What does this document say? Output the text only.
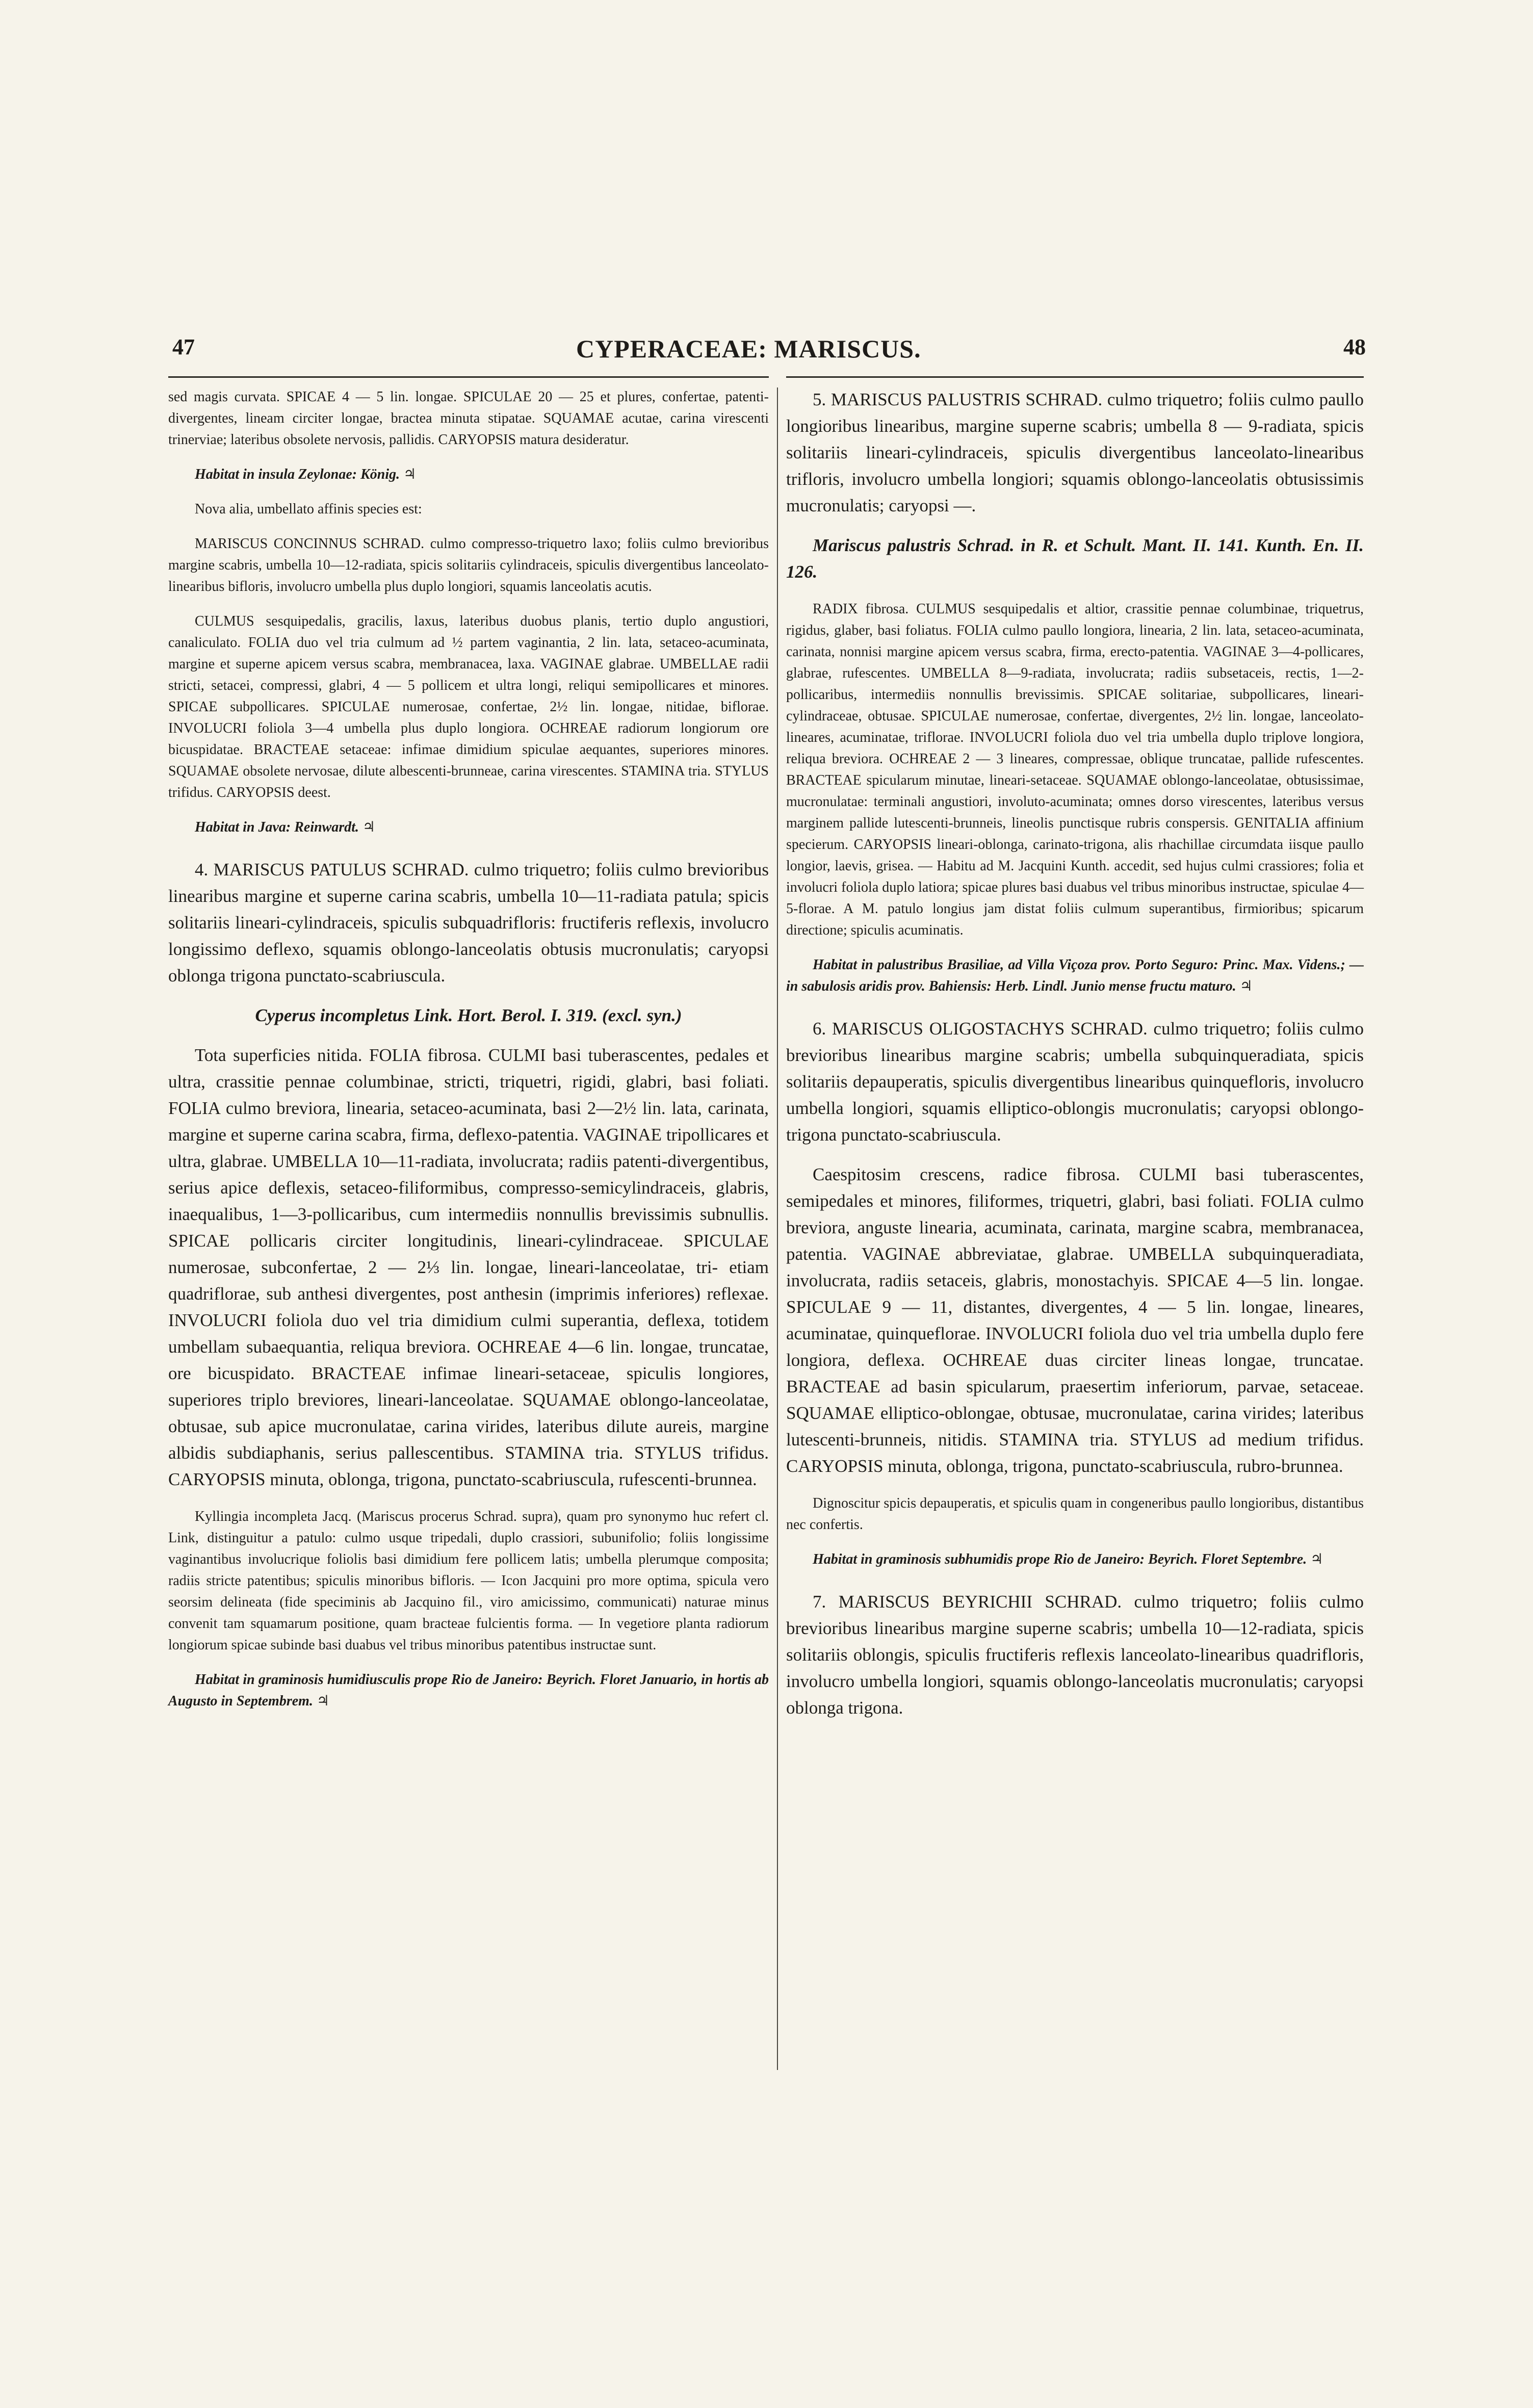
47	CYPERACEAE: MARISCUS.	48

sed magis curvata. SPICAE 4 — 5 lin. longae. SPICULAE 20 — 25 et plures, confertae, patenti-divergentes, lineam circiter longae, bractea minuta stipatae. SQUAMAE acutae, carina virescenti trinerviae; lateribus obsolete nervosis, pallidis. CARYOPSIS matura desideratur.

Habitat in insula Zeylonae: König. ♃

Nova alia, umbellato affinis species est:

MARISCUS CONCINNUS SCHRAD. culmo compresso-triquetro laxo; foliis culmo brevioribus margine scabris, umbella 10—12-radiata, spicis solitariis cylindraceis, spiculis divergentibus lanceolato-linearibus bifloris, involucro umbella plus duplo longiori, squamis lanceolatis acutis.

CULMUS sesquipedalis, gracilis, laxus, lateribus duobus planis, tertio duplo angustiori, canaliculato. FOLIA duo vel tria culmum ad ½ partem vaginantia, 2 lin. lata, setaceo-acuminata, margine et superne apicem versus scabra, membranacea, laxa. VAGINAE glabrae. UMBELLAE radii stricti, setacei, compressi, glabri, 4 — 5 pollicem et ultra longi, reliqui semipollicares et minores. SPICAE subpollicares. SPICULAE numerosae, confertae, 2½ lin. longae, nitidae, biflorae. INVOLUCRI foliola 3—4 umbella plus duplo longiora. OCHREAE radiorum longiorum ore bicuspidatae. BRACTEAE setaceae: infimae dimidium spiculae aequantes, superiores minores. SQUAMAE obsolete nervosae, dilute albescenti-brunneae, carina virescentes. STAMINA tria. STYLUS trifidus. CARYOPSIS deest.

Habitat in Java: Reinwardt. ♃

4. MARISCUS PATULUS SCHRAD. culmo triquetro; foliis culmo brevioribus linearibus margine et superne carina scabris, umbella 10—11-radiata patula; spicis solitariis lineari-cylindraceis, spiculis subquadrifloris: fructiferis reflexis, involucro longissimo deflexo, squamis oblongo-lanceolatis obtusis mucronulatis; caryopsi oblonga trigona punctato-scabriuscula.

Cyperus incompletus Link. Hort. Berol. I. 319. (excl. syn.)

Tota superficies nitida. FOLIA fibrosa. CULMI basi tuberascentes, pedales et ultra, crassitie pennae columbinae, stricti, triquetri, rigidi, glabri, basi foliati. FOLIA culmo breviora, linearia, setaceo-acuminata, basi 2—2½ lin. lata, carinata, margine et superne carina scabra, firma, deflexo-patentia. VAGINAE tripollicares et ultra, glabrae. UMBELLA 10—11-radiata, involucrata; radiis patenti-divergentibus, serius apice deflexis, setaceo-filiformibus, compresso-semicylindraceis, glabris, inaequalibus, 1—3-pollicaribus, cum intermediis nonnullis brevissimis subnullis. SPICAE pollicaris circiter longitudinis, lineari-cylindraceae. SPICULAE numerosae, subconfertae, 2 — 2⅓ lin. longae, lineari-lanceolatae, tri- etiam quadriflorae, sub anthesi divergentes, post anthesin (imprimis inferiores) reflexae. INVOLUCRI foliola duo vel tria dimidium culmi superantia, deflexa, totidem umbellam subaequantia, reliqua breviora. OCHREAE 4—6 lin. longae, truncatae, ore bicuspidato. BRACTEAE infimae lineari-setaceae, spiculis longiores, superiores triplo breviores, lineari-lanceolatae. SQUAMAE oblongo-lanceolatae, obtusae, sub apice mucronulatae, carina virides, lateribus dilute aureis, margine albidis subdiaphanis, serius pallescentibus. STAMINA tria. STYLUS trifidus. CARYOPSIS minuta, oblonga, trigona, punctato-scabriuscula, rufescenti-brunnea.

Kyllingia incompleta Jacq. (Mariscus procerus Schrad. supra), quam pro synonymo huc refert cl. Link, distinguitur a patulo: culmo usque tripedali, duplo crassiori, subunifolio; foliis longissime vaginantibus involucrique foliolis basi dimidium fere pollicem latis; umbella plerumque composita; radiis stricte patentibus; spiculis minoribus bifloris. — Icon Jacquini pro more optima, spicula vero seorsim delineata (fide speciminis ab Jacquino fil., viro amicissimo, communicati) naturae minus convenit tam squamarum positione, quam bracteae fulcientis forma. — In vegetiore planta radiorum longiorum spicae subinde basi duabus vel tribus minoribus patentibus instructae sunt.

Habitat in graminosis humidiusculis prope Rio de Janeiro: Beyrich. Floret Januario, in hortis ab Augusto in Septembrem. ♃

5. MARISCUS PALUSTRIS SCHRAD. culmo triquetro; foliis culmo paullo longioribus linearibus, margine superne scabris; umbella 8 — 9-radiata, spicis solitariis lineari-cylindraceis, spiculis divergentibus lanceolato-linearibus trifloris, involucro umbella longiori; squamis oblongo-lanceolatis obtusissimis mucronulatis; caryopsi —.

Mariscus palustris Schrad. in R. et Schult. Mant. II. 141. Kunth. En. II. 126.

RADIX fibrosa. CULMUS sesquipedalis et altior, crassitie pennae columbinae, triquetrus, rigidus, glaber, basi foliatus. FOLIA culmo paullo longiora, linearia, 2 lin. lata, setaceo-acuminata, carinata, nonnisi margine apicem versus scabra, firma, erecto-patentia. VAGINAE 3—4-pollicares, glabrae, rufescentes. UMBELLA 8—9-radiata, involucrata; radiis subsetaceis, rectis, 1—2-pollicaribus, intermediis nonnullis brevissimis. SPICAE solitariae, subpollicares, lineari-cylindraceae, obtusae. SPICULAE numerosae, confertae, divergentes, 2½ lin. longae, lanceolato-lineares, acuminatae, triflorae. INVOLUCRI foliola duo vel tria umbella duplo triplove longiora, reliqua breviora. OCHREAE 2 — 3 lineares, compressae, oblique truncatae, pallide rufescentes. BRACTEAE spicularum minutae, lineari-setaceae. SQUAMAE oblongo-lanceolatae, obtusissimae, mucronulatae: terminali angustiori, involuto-acuminata; omnes dorso virescentes, lateribus versus marginem pallide lutescenti-brunneis, lineolis punctisque rubris conspersis. GENITALIA affinium specierum. CARYOPSIS lineari-oblonga, carinato-trigona, alis rhachillae circumdata iisque paullo longior, laevis, grisea. — Habitu ad M. Jacquini Kunth. accedit, sed hujus culmi crassiores; folia et involucri foliola duplo latiora; spicae plures basi duabus vel tribus minoribus instructae, spiculae 4—5-florae. A M. patulo longius jam distat foliis culmum superantibus, firmioribus; spicarum directione; spiculis acuminatis.

Habitat in palustribus Brasiliae, ad Villa Viçoza prov. Porto Seguro: Princ. Max. Videns.; — in sabulosis aridis prov. Bahiensis: Herb. Lindl. Junio mense fructu maturo. ♃

6. MARISCUS OLIGOSTACHYS SCHRAD. culmo triquetro; foliis culmo brevioribus linearibus margine scabris; umbella subquinqueradiata, spicis solitariis depauperatis, spiculis divergentibus linearibus quinquefloris, involucro umbella longiori, squamis elliptico-oblongis mucronulatis; caryopsi oblongo-trigona punctato-scabriuscula.

Caespitosim crescens, radice fibrosa. CULMI basi tuberascentes, semipedales et minores, filiformes, triquetri, glabri, basi foliati. FOLIA culmo breviora, anguste linearia, acuminata, carinata, margine scabra, membranacea, patentia. VAGINAE abbreviatae, glabrae. UMBELLA subquinqueradiata, involucrata, radiis setaceis, glabris, monostachyis. SPICAE 4—5 lin. longae. SPICULAE 9 — 11, distantes, divergentes, 4 — 5 lin. longae, lineares, acuminatae, quinqueflorae. INVOLUCRI foliola duo vel tria umbella duplo fere longiora, deflexa. OCHREAE duas circiter lineas longae, truncatae. BRACTEAE ad basin spicularum, praesertim inferiorum, parvae, setaceae. SQUAMAE elliptico-oblongae, obtusae, mucronulatae, carina virides; lateribus lutescenti-brunneis, nitidis. STAMINA tria. STYLUS ad medium trifidus. CARYOPSIS minuta, oblonga, trigona, punctato-scabriuscula, rubro-brunnea.

Dignoscitur spicis depauperatis, et spiculis quam in congeneribus paullo longioribus, distantibus nec confertis.

Habitat in graminosis subhumidis prope Rio de Janeiro: Beyrich. Floret Septembre. ♃

7. MARISCUS BEYRICHII SCHRAD. culmo triquetro; foliis culmo brevioribus linearibus margine superne scabris; umbella 10—12-radiata, spicis solitariis oblongis, spiculis fructiferis reflexis lanceolato-linearibus quadrifloris, involucro umbella longiori, squamis oblongo-lanceolatis mucronulatis; caryopsi oblonga trigona.
